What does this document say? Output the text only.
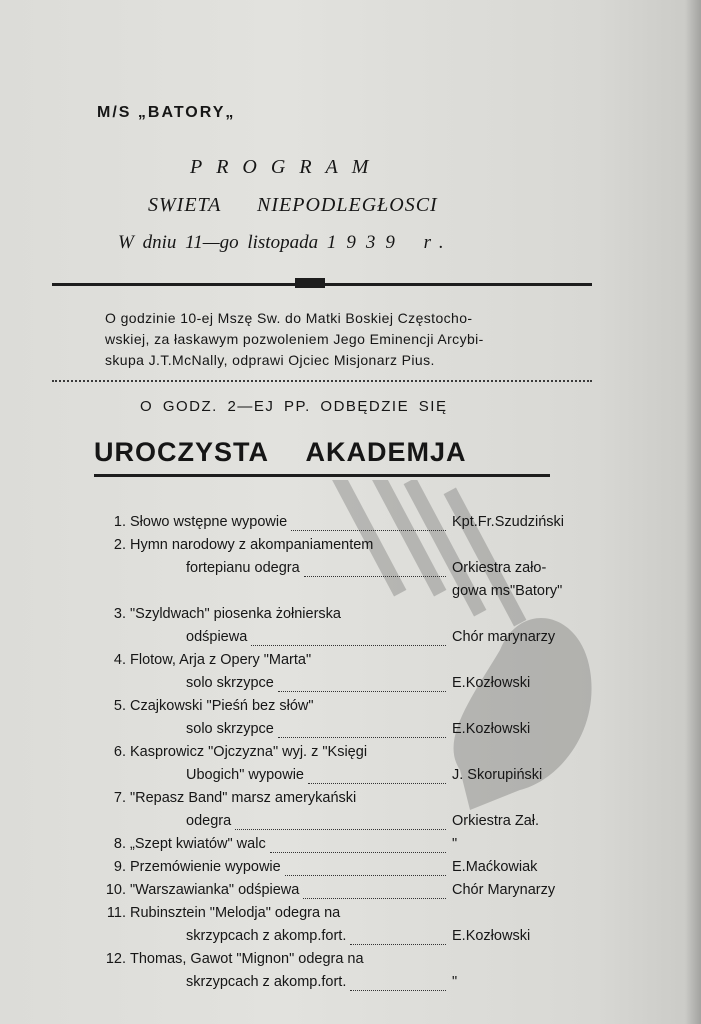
M/S „BATORY„
PROGRAM
SWIETA NIEPODLEGŁOSCI
W dniu 11—go listopada 1939 r.
O godzinie 10-ej Mszę Sw. do Matki Boskiej Częstocho-
wskiej, za łaskawym pozwoleniem Jego Eminencji Arcybi-
skupa J.T.McNally, odprawi Ojciec Misjonarz Pius.
O GODZ. 2—EJ PP. ODBĘDZIE SIĘ
UROCZYSTA AKADEMJA
1. Słowo wstępne wypowie	Kpt.Fr.Szudziński
2. Hymn narodowy z akompaniamentem
fortepianu odegra	Orkiestra zało-
gowa ms"Batory"
3. "Szyldwach" piosenka żołnierska
odśpiewa	Chór marynarzy
4. Flotow, Arja z Opery "Marta"
solo skrzypce	E.Kozłowski
5. Czajkowski "Pieśń bez słów"
solo skrzypce	E.Kozłowski
6. Kasprowicz "Ojczyzna" wyj. z "Księgi
Ubogich" wypowie	J. Skorupiński
7. "Repasz Band" marsz amerykański
odegra	Orkiestra Zał.
8. „Szept kwiatów" walc	"
9. Przemówienie wypowie	E.Maćkowiak
10. "Warszawianka" odśpiewa	Chór Marynarzy
11. Rubinsztein "Melodja" odegra na
skrzypcach z akomp.fort.	E.Kozłowski
12. Thomas, Gawot "Mignon" odegra na
skrzypcach z akomp.fort.	"
